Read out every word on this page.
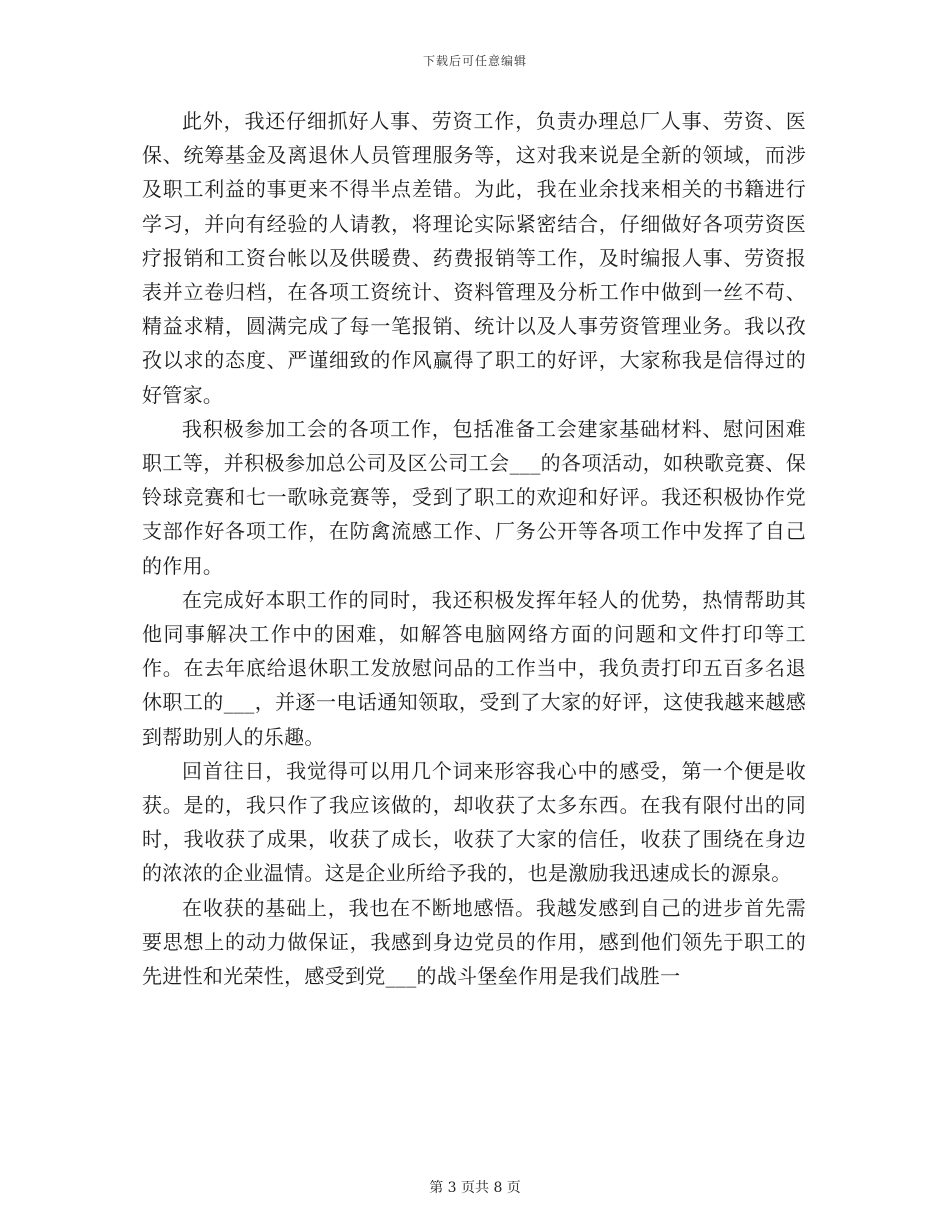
下载后可任意编辑

此外，我还仔细抓好人事、劳资工作，负责办理总厂人事、劳资、医保、统筹基金及离退休人员管理服务等，这对我来说是全新的领域，而涉及职工利益的事更来不得半点差错。为此，我在业余找来相关的书籍进行学习，并向有经验的人请教，将理论实际紧密结合，仔细做好各项劳资医疗报销和工资台帐以及供暖费、药费报销等工作，及时编报人事、劳资报表并立卷归档，在各项工资统计、资料管理及分析工作中做到一丝不苟、精益求精，圆满完成了每一笔报销、统计以及人事劳资管理业务。我以孜孜以求的态度、严谨细致的作风赢得了职工的好评，大家称我是信得过的好管家。

我积极参加工会的各项工作，包括准备工会建家基础材料、慰问困难职工等，并积极参加总公司及区公司工会___的各项活动，如秧歌竞赛、保铃球竞赛和七一歌咏竞赛等，受到了职工的欢迎和好评。我还积极协作党支部作好各项工作，在防禽流感工作、厂务公开等各项工作中发挥了自己的作用。

在完成好本职工作的同时，我还积极发挥年轻人的优势，热情帮助其他同事解决工作中的困难，如解答电脑网络方面的问题和文件打印等工作。在去年底给退休职工发放慰问品的工作当中，我负责打印五百多名退休职工的___，并逐一电话通知领取，受到了大家的好评，这使我越来越感到帮助别人的乐趣。

回首往日，我觉得可以用几个词来形容我心中的感受，第一个便是收获。是的，我只作了我应该做的，却收获了太多东西。在我有限付出的同时，我收获了成果，收获了成长，收获了大家的信任，收获了围绕在身边的浓浓的企业温情。这是企业所给予我的，也是激励我迅速成长的源泉。

在收获的基础上，我也在不断地感悟。我越发感到自己的进步首先需要思想上的动力做保证，我感到身边党员的作用，感到他们领先于职工的先进性和光荣性，感受到党___的战斗堡垒作用是我们战胜一

第 3 页共 8 页
